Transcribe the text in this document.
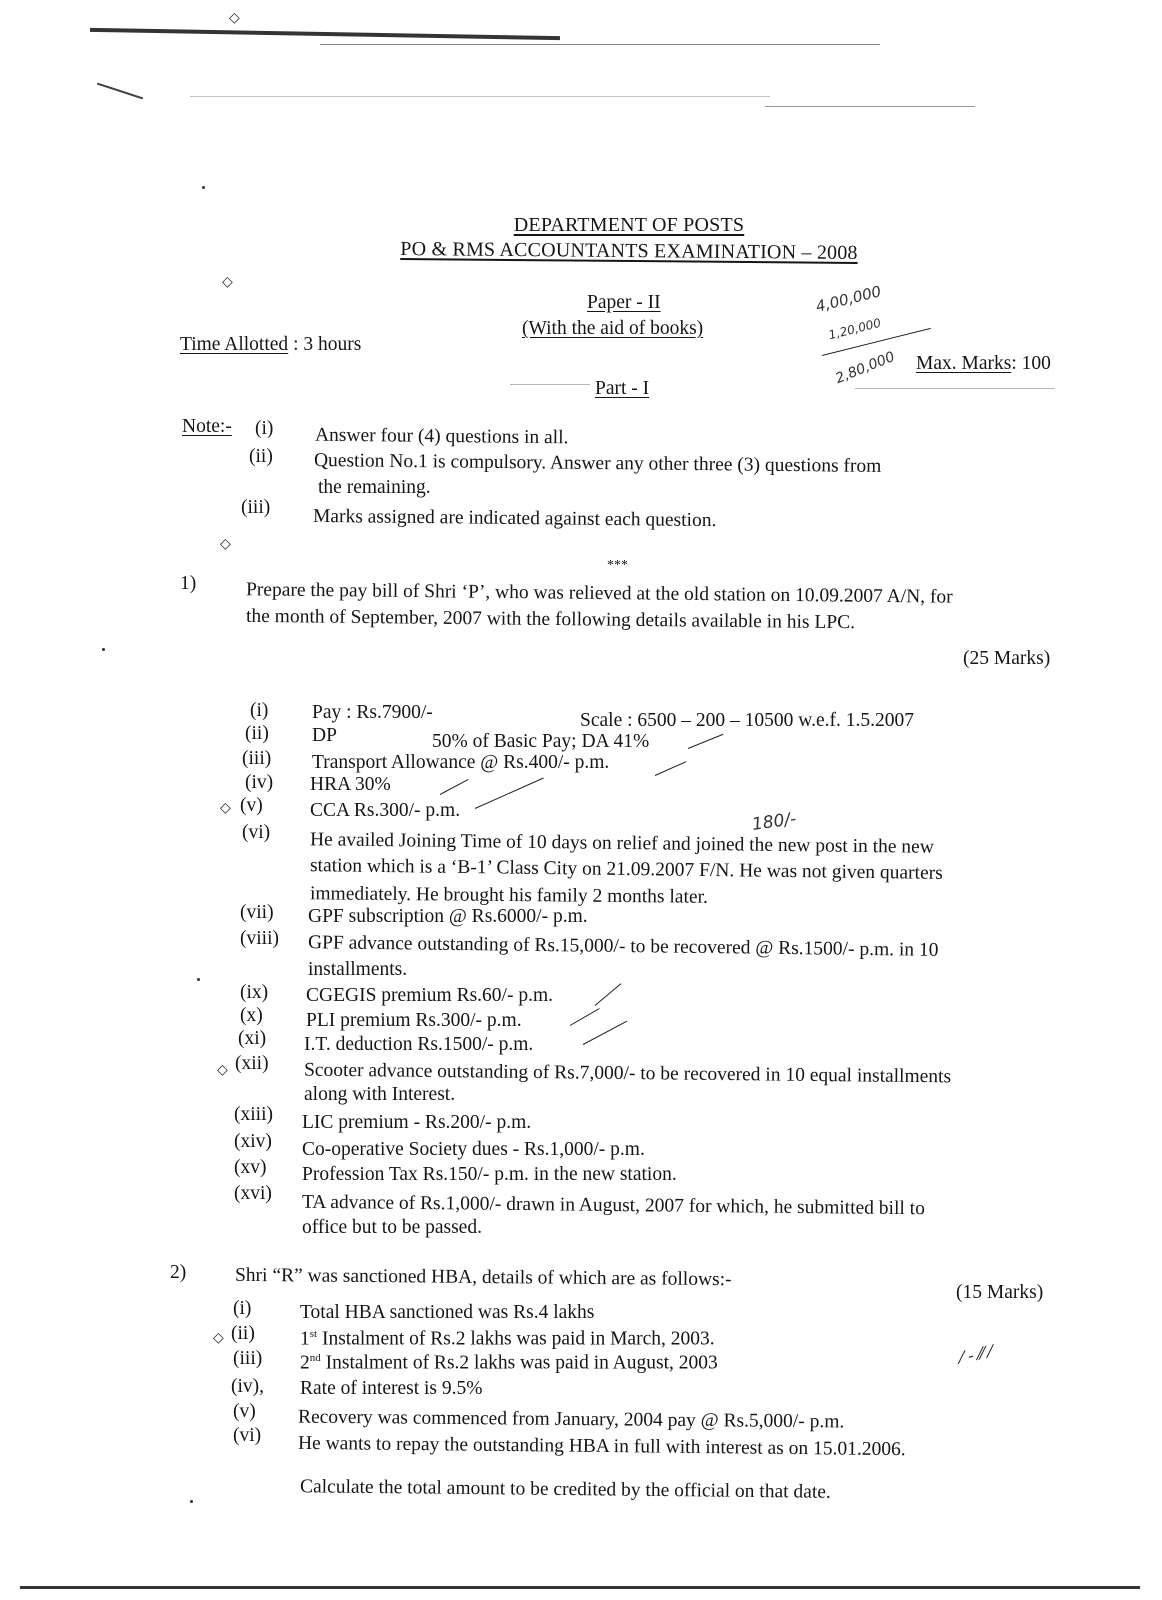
◇
◇
◇
DEPARTMENT OF POSTS
PO & RMS ACCOUNTANTS EXAMINATION – 2008
Paper - II
(With the aid of books)
Time Allotted : 3 hours
Max. Marks: 100
Part - I
4,00,000
1,20,000
2,80,000
Note:- (i) Answer four (4) questions in all.
(ii) Question No.1 is compulsory. Answer any other three (3) questions from
the remaining.
(iii) Marks assigned are indicated against each question.
***
1)	Prepare the pay bill of Shri ‘P’, who was relieved at the old station on 10.09.2007 A/N, for
the month of September, 2007 with the following details available in his LPC.
(25 Marks)
(i) Pay : Rs.7900/-	Scale : 6500 – 200 – 10500 w.e.f. 1.5.2007
(ii) DP	50% of Basic Pay; DA 41%
(iii) Transport Allowance @ Rs.400/- p.m.
(iv) HRA 30%
◇ (v) CCA Rs.300/- p.m.	180/-
(vi) He availed Joining Time of 10 days on relief and joined the new post in the new
station which is a ‘B-1’ Class City on 21.09.2007 F/N. He was not given quarters
immediately. He brought his family 2 months later.
(vii) GPF subscription @ Rs.6000/- p.m.
(viii) GPF advance outstanding of Rs.15,000/- to be recovered @ Rs.1500/- p.m. in 10
installments.
(ix) CGEGIS premium Rs.60/- p.m.
(x) PLI premium Rs.300/- p.m.
(xi) I.T. deduction Rs.1500/- p.m.
◇ (xii) Scooter advance outstanding of Rs.7,000/- to be recovered in 10 equal installments
along with Interest.
(xiii) LIC premium - Rs.200/- p.m.
(xiv) Co-operative Society dues - Rs.1,000/- p.m.
(xv) Profession Tax Rs.150/- p.m. in the new station.
(xvi) TA advance of Rs.1,000/- drawn in August, 2007 for which, he submitted bill to
office but to be passed.
2) Shri “R” was sanctioned HBA, details of which are as follows:-
(15 Marks)
(i) Total HBA sanctioned was Rs.4 lakhs
◇ (ii) 1st Instalment of Rs.2 lakhs was paid in March, 2003.
(iii) 2nd Instalment of Rs.2 lakhs was paid in August, 2003	⁄ - ⁄⁄ ⁄
(iv), Rate of interest is 9.5%
(v) Recovery was commenced from January, 2004 pay @ Rs.5,000/- p.m.
(vi) He wants to repay the outstanding HBA in full with interest as on 15.01.2006.
Calculate the total amount to be credited by the official on that date.
